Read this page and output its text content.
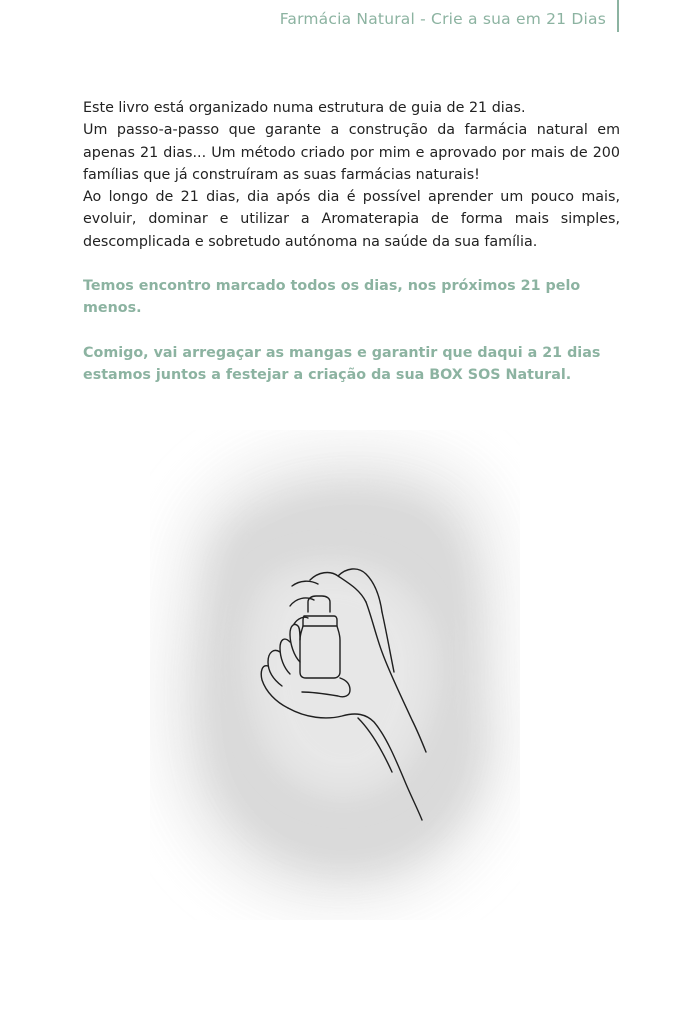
Farmácia Natural - Crie a sua em 21 Dias

Este livro está organizado numa estrutura de guia de 21 dias.

Um passo-a-passo que garante a construção da farmácia natural em apenas 21 dias... Um método criado por mim e aprovado por mais de 200 famílias que já construíram as suas farmácias naturais!

Ao longo de 21 dias, dia após dia é possível aprender um pouco mais, evoluir, dominar e utilizar a Aromaterapia de forma mais simples, descomplicada e sobretudo autónoma na saúde da sua família.

Temos encontro marcado todos os dias, nos próximos 21 pelo menos.

Comigo, vai arregaçar as mangas e garantir que daqui a 21 dias estamos juntos a festejar a criação da sua BOX SOS Natural.
